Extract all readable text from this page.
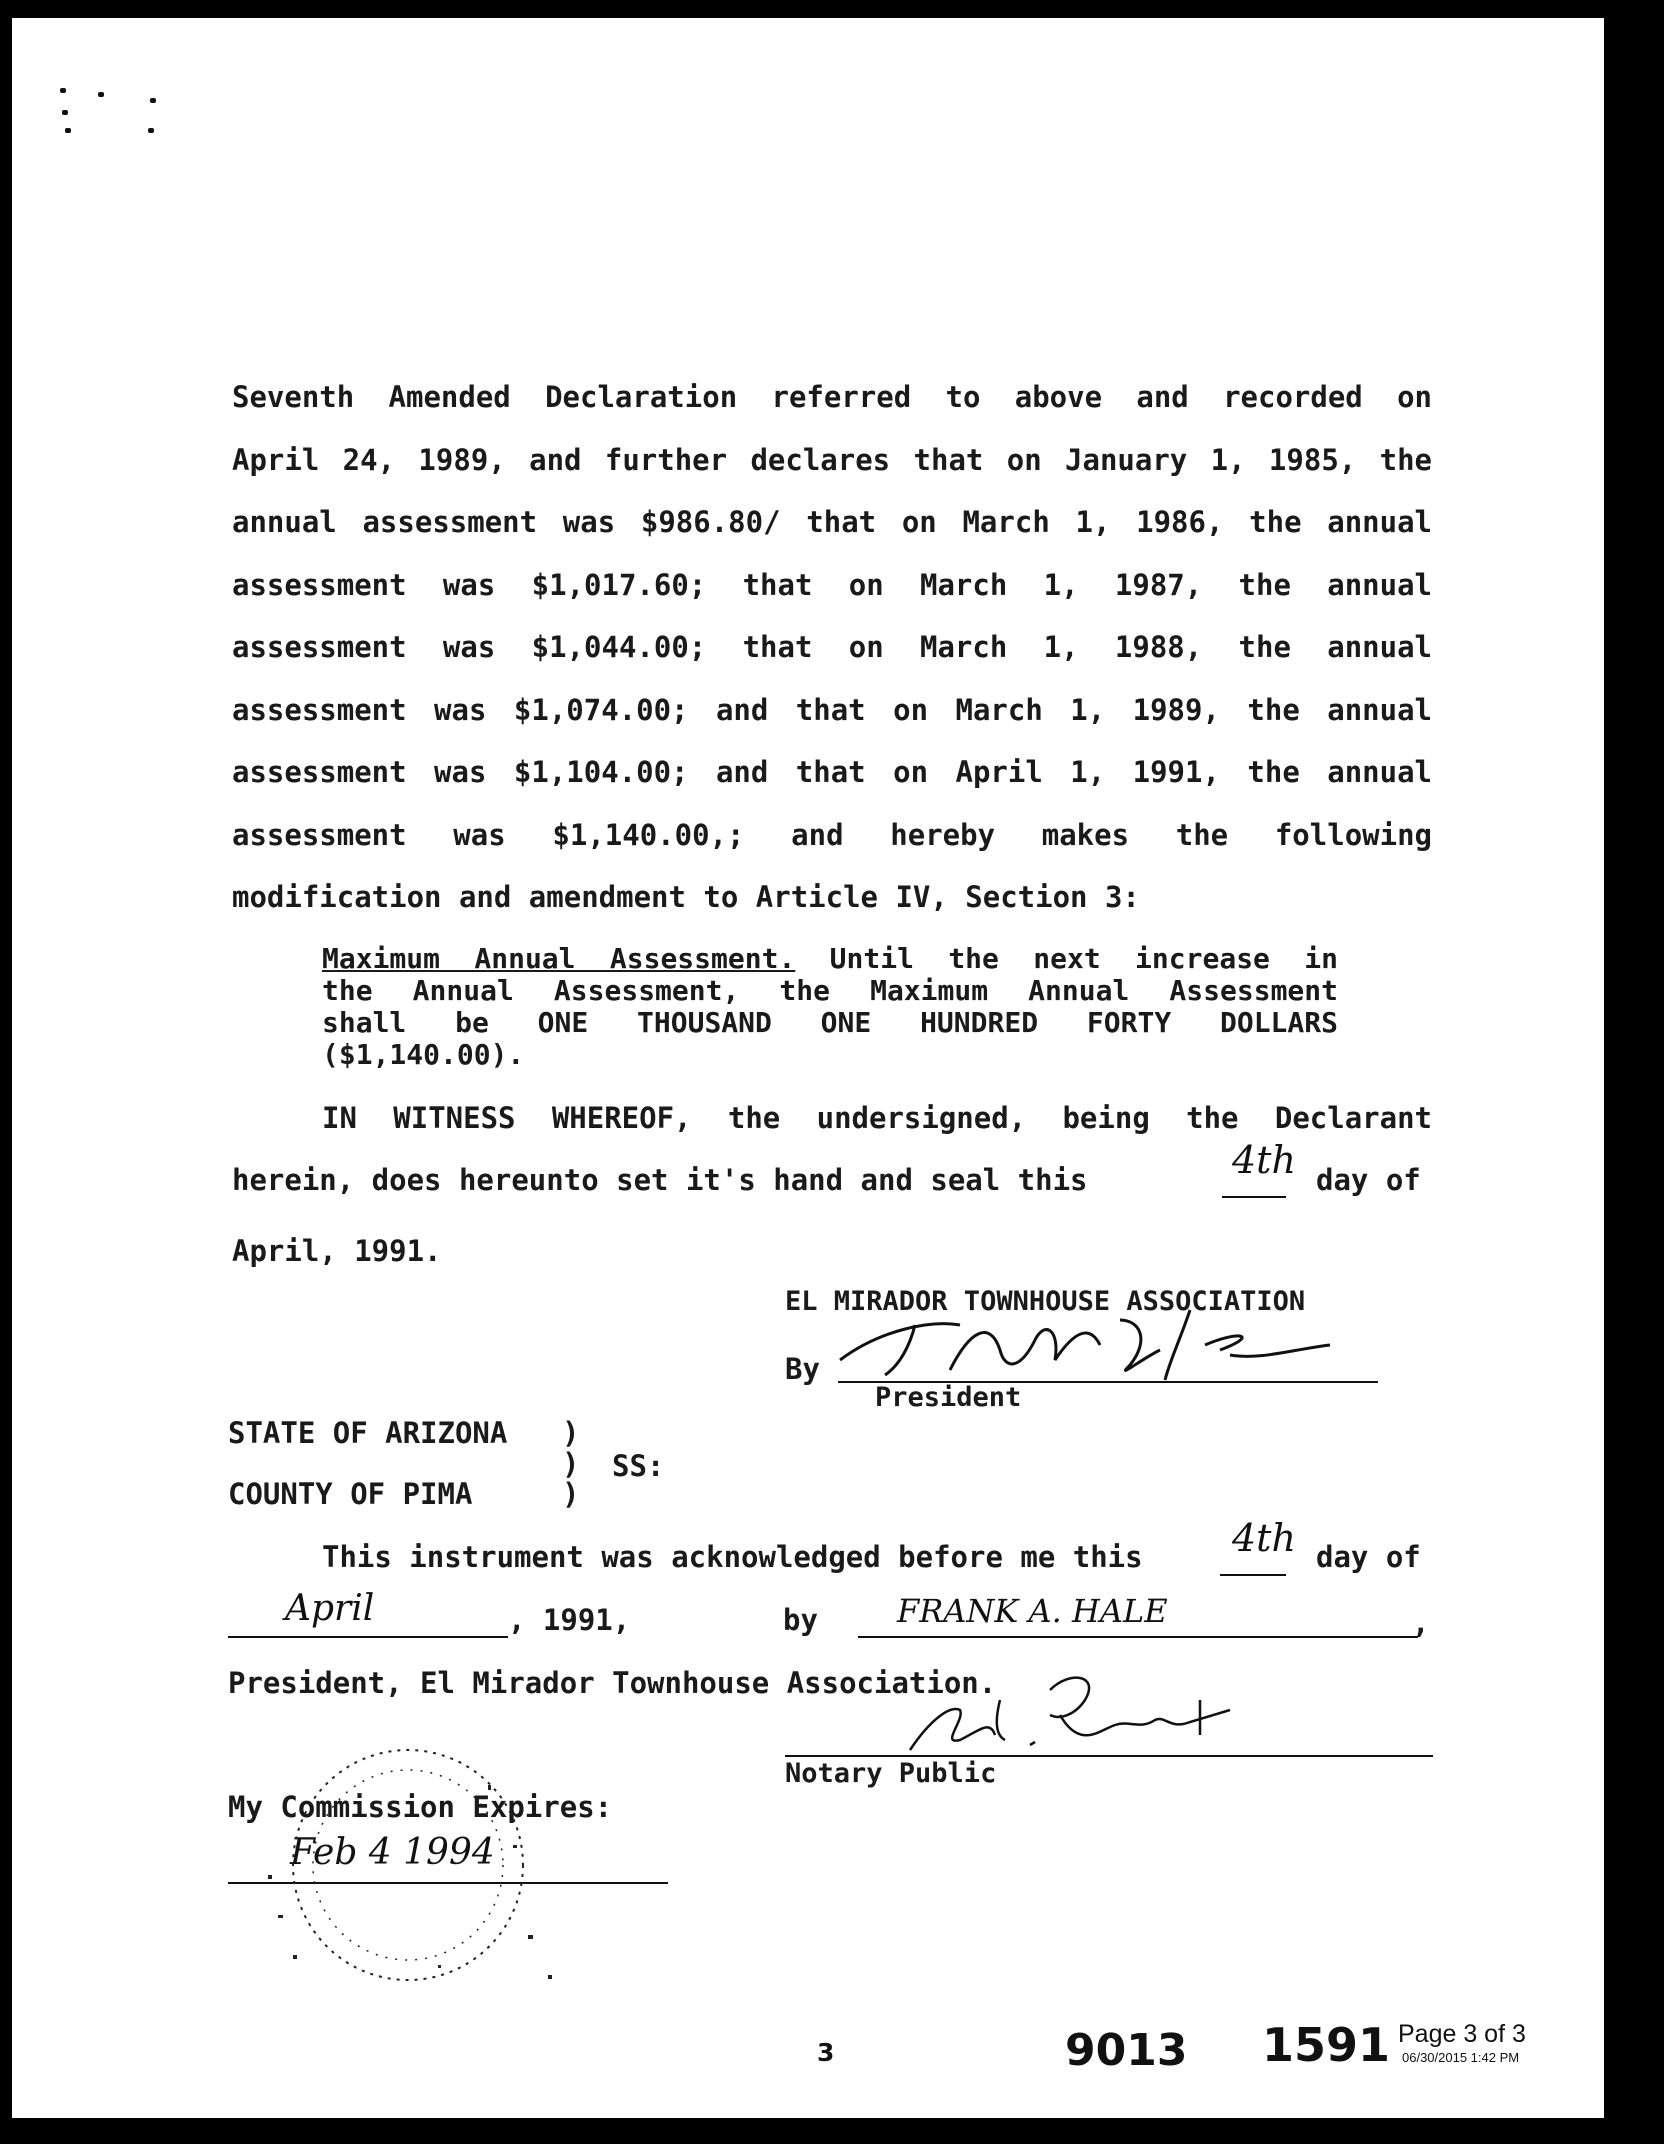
Seventh Amended Declaration referred to above and recorded on
April 24, 1989, and further declares that on January 1, 1985, the
annual assessment was $986.80/ that on March 1, 1986, the annual
assessment was $1,017.60; that on March 1, 1987, the annual
assessment was $1,044.00; that on March 1, 1988, the annual
assessment was $1,074.00; and that on March 1, 1989, the annual
assessment was $1,104.00; and that on April 1, 1991, the annual
assessment was $1,140.00,; and hereby makes the following
modification and amendment to Article IV, Section 3:
Maximum Annual Assessment. Until the next increase in
the Annual Assessment, the Maximum Annual Assessment
shall be ONE THOUSAND ONE HUNDRED FORTY DOLLARS
($1,140.00).
IN WITNESS WHEREOF, the undersigned, being the Declarant
herein, does hereunto set it's hand and seal this	4th day of
April, 1991.
EL MIRADOR TOWNHOUSE ASSOCIATION
By
President
STATE OF ARIZONA )
) SS:
COUNTY OF PIMA	)
This instrument was acknowledged before me this 4th day of
April	, 1991,	by FRANK A. HALE	,
President, El Mirador Townhouse Association.
Notary Public
My Commission Expires:
Feb 4 1994
3	9013 1591 Page 3 of 3
06/30/2015 1:42 PM
